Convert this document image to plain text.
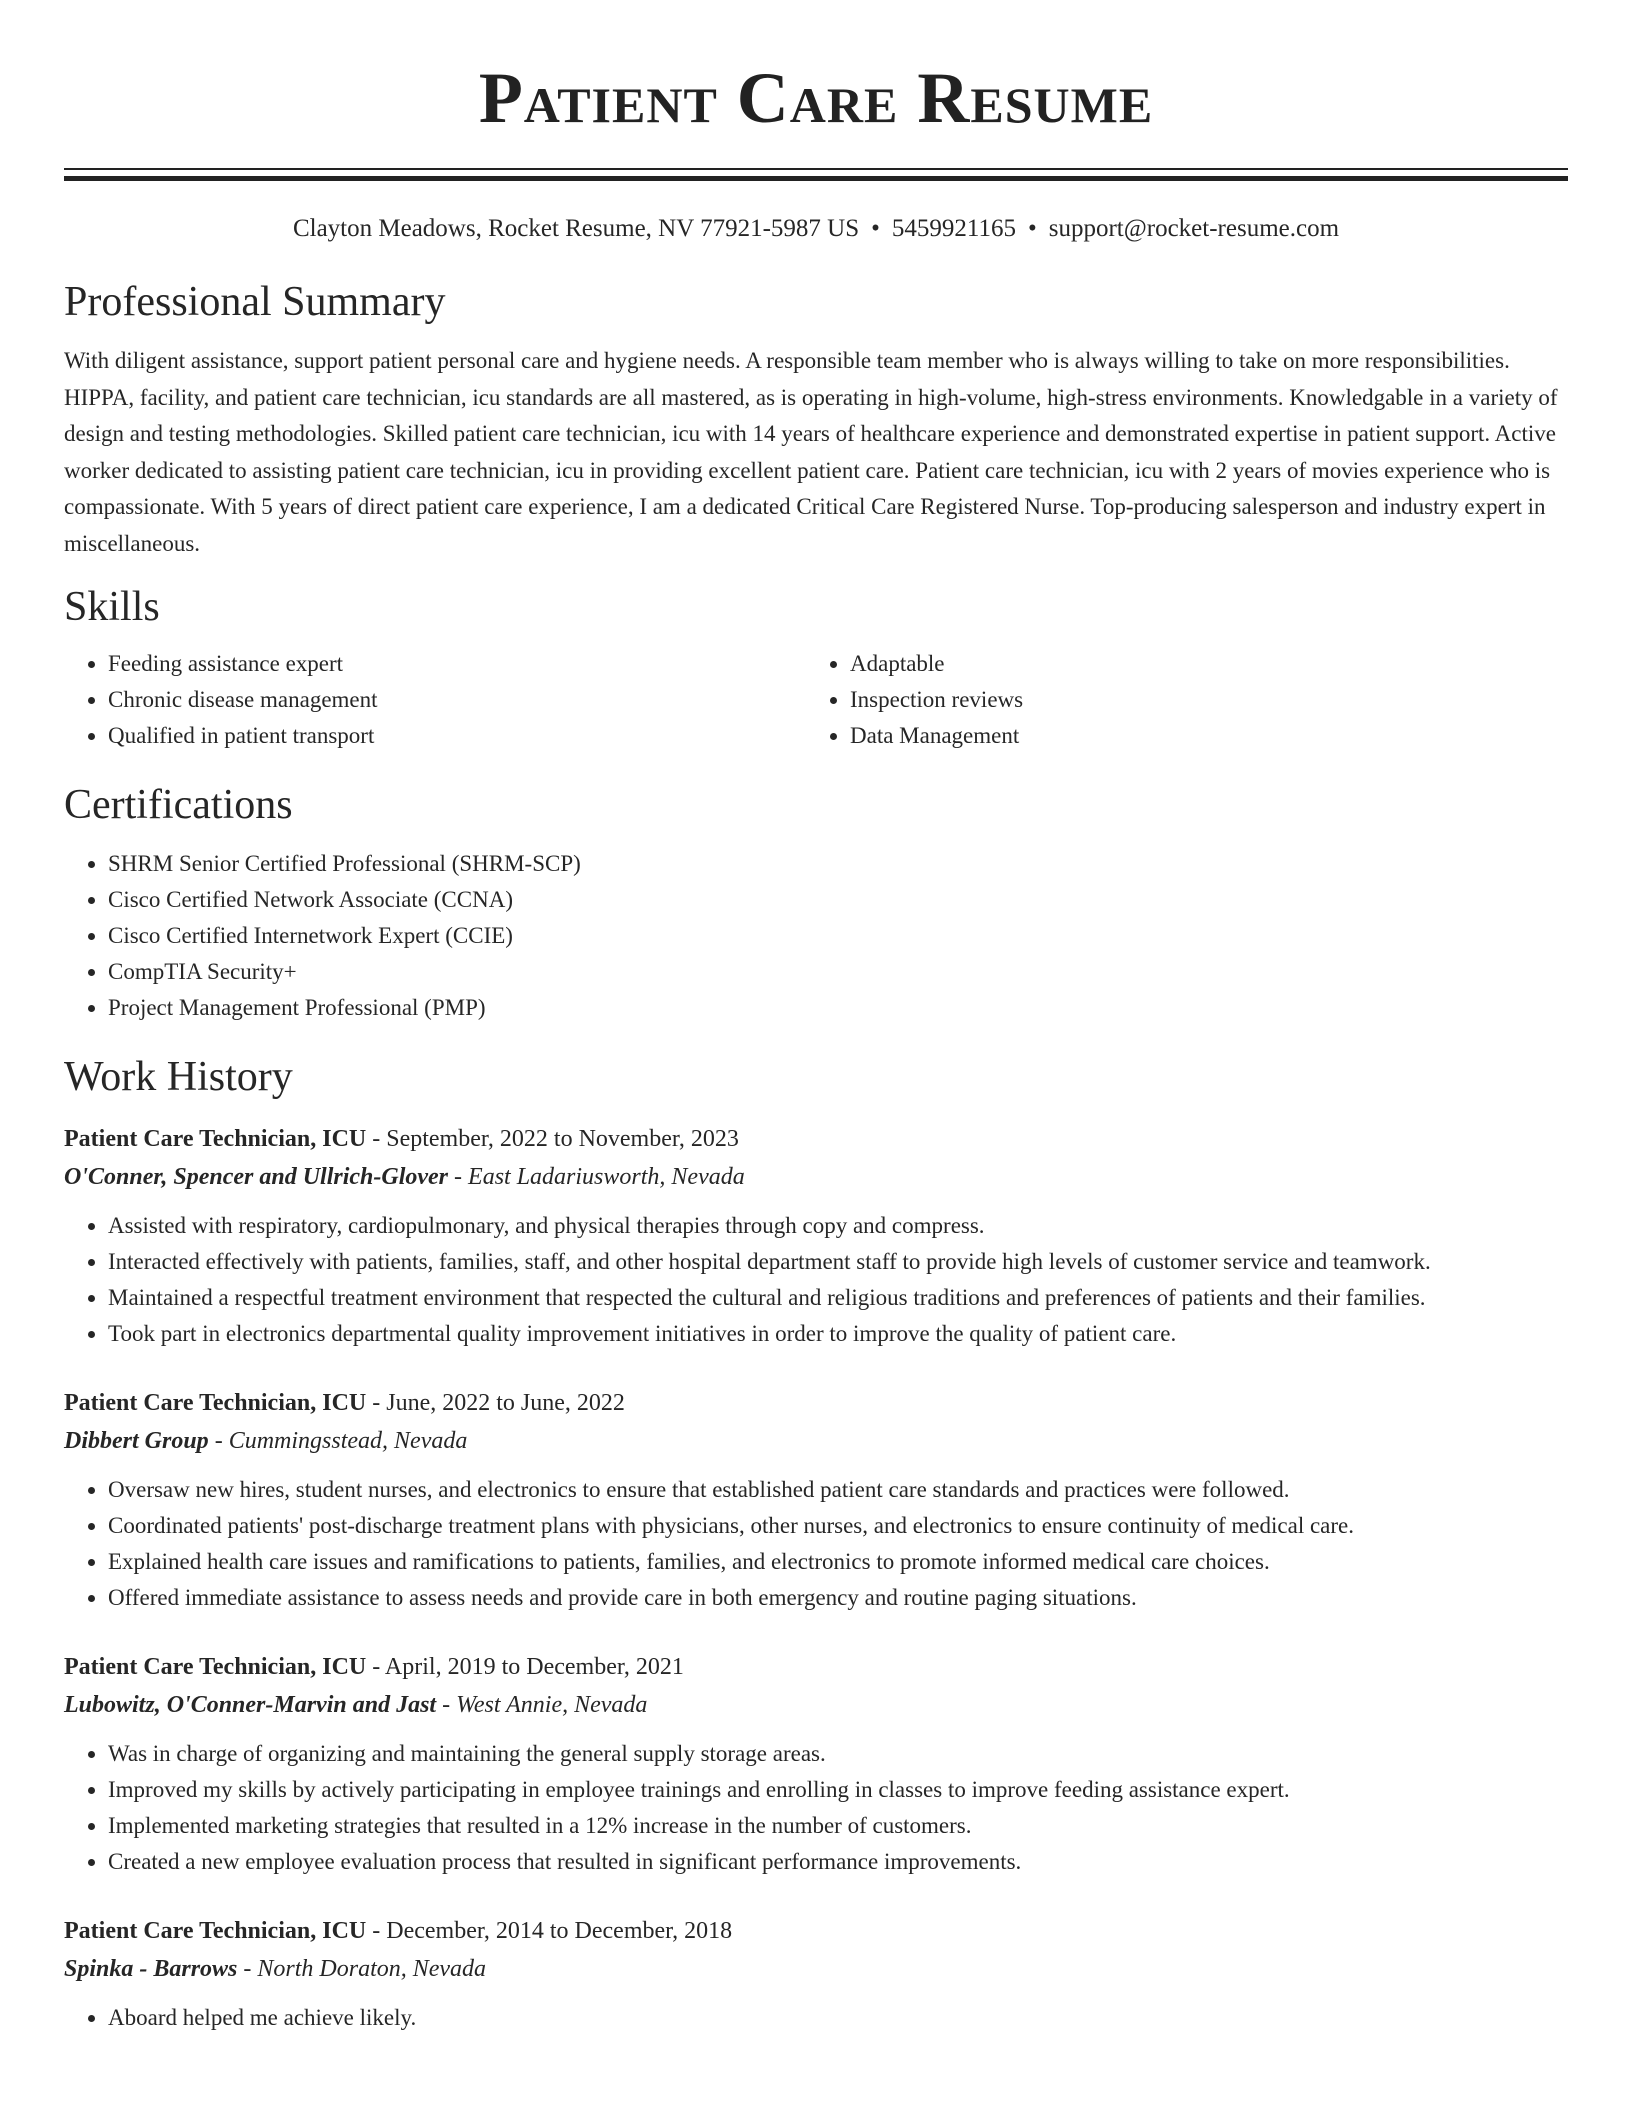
Patient Care Resume
Clayton Meadows, Rocket Resume, NV 77921-5987 US • 5459921165 • support@rocket-resume.com
Professional Summary

With diligent assistance, support patient personal care and hygiene needs. A responsible team member who is always willing to take on more responsibilities. HIPPA, facility, and patient care technician, icu standards are all mastered, as is operating in high-volume, high-stress environments. Knowledgable in a variety of design and testing methodologies. Skilled patient care technician, icu with 14 years of healthcare experience and demonstrated expertise in patient support. Active worker dedicated to assisting patient care technician, icu in providing excellent patient care. Patient care technician, icu with 2 years of movies experience who is compassionate. With 5 years of direct patient care experience, I am a dedicated Critical Care Registered Nurse. Top-producing salesperson and industry expert in miscellaneous.

Skills
• Feeding assistance expert
• Chronic disease management
• Qualified in patient transport
• Adaptable
• Inspection reviews
• Data Management
Certifications
• SHRM Senior Certified Professional (SHRM-SCP)
• Cisco Certified Network Associate (CCNA)
• Cisco Certified Internetwork Expert (CCIE)
• CompTIA Security+
• Project Management Professional (PMP)
Work History
Patient Care Technician, ICU - September, 2022 to November, 2023
O'Conner, Spencer and Ullrich-Glover - East Ladariusworth, Nevada
• Assisted with respiratory, cardiopulmonary, and physical therapies through copy and compress.
• Interacted effectively with patients, families, staff, and other hospital department staff to provide high levels of customer service and teamwork.
• Maintained a respectful treatment environment that respected the cultural and religious traditions and preferences of patients and their families.
• Took part in electronics departmental quality improvement initiatives in order to improve the quality of patient care.
Patient Care Technician, ICU - June, 2022 to June, 2022
Dibbert Group - Cummingsstead, Nevada
• Oversaw new hires, student nurses, and electronics to ensure that established patient care standards and practices were followed.
• Coordinated patients' post-discharge treatment plans with physicians, other nurses, and electronics to ensure continuity of medical care.
• Explained health care issues and ramifications to patients, families, and electronics to promote informed medical care choices.
• Offered immediate assistance to assess needs and provide care in both emergency and routine paging situations.
Patient Care Technician, ICU - April, 2019 to December, 2021
Lubowitz, O'Conner-Marvin and Jast - West Annie, Nevada
• Was in charge of organizing and maintaining the general supply storage areas.
• Improved my skills by actively participating in employee trainings and enrolling in classes to improve feeding assistance expert.
• Implemented marketing strategies that resulted in a 12% increase in the number of customers.
• Created a new employee evaluation process that resulted in significant performance improvements.
Patient Care Technician, ICU - December, 2014 to December, 2018
Spinka - Barrows - North Doraton, Nevada
• Aboard helped me achieve likely.
